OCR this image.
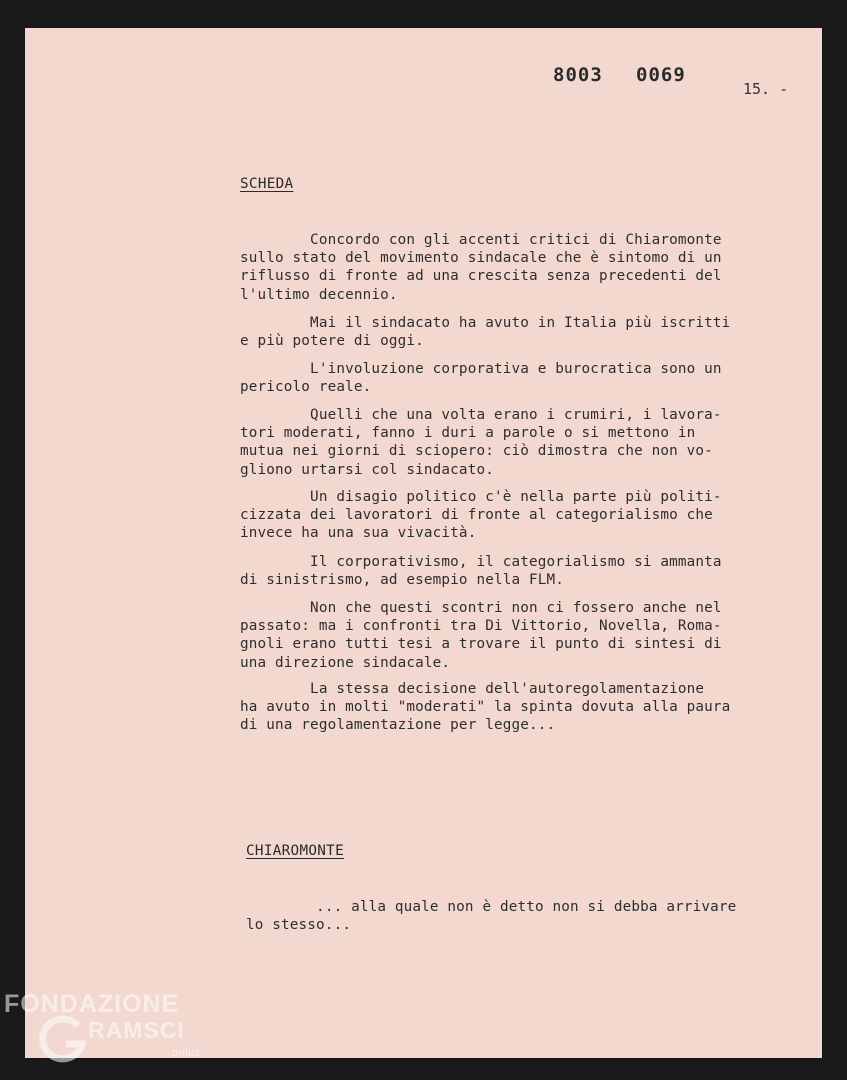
8003 0069
15. -
SCHEDA
Concordo con gli accenti critici di Chiaromonte
sullo stato del movimento sindacale che è sintomo di un
riflusso di fronte ad una crescita senza precedenti del
l'ultimo decennio.
Mai il sindacato ha avuto in Italia più iscritti
e più potere di oggi.
L'involuzione corporativa e burocratica sono un
pericolo reale.
Quelli che una volta erano i crumiri, i lavora-
tori moderati, fanno i duri a parole o si mettono in
mutua nei giorni di sciopero: ciò dimostra che non vo-
gliono urtarsi col sindacato.
Un disagio politico c'è nella parte più politi-
cizzata dei lavoratori di fronte al categorialismo che
invece ha una sua vivacità.
Il corporativismo, il categorialismo si ammanta
di sinistrismo, ad esempio nella FLM.
Non che questi scontri non ci fossero anche nel
passato: ma i confronti tra Di Vittorio, Novella, Roma-
gnoli erano tutti tesi a trovare il punto di sintesi di
una direzione sindacale.
La stessa decisione dell'autoregolamentazione
ha avuto in molti "moderati" la spinta dovuta alla paura
di una regolamentazione per legge...
CHIAROMONTE
... alla quale non è detto non si debba arrivare
lo stesso...
FONDAZIONE
RAMSCI
onlus
